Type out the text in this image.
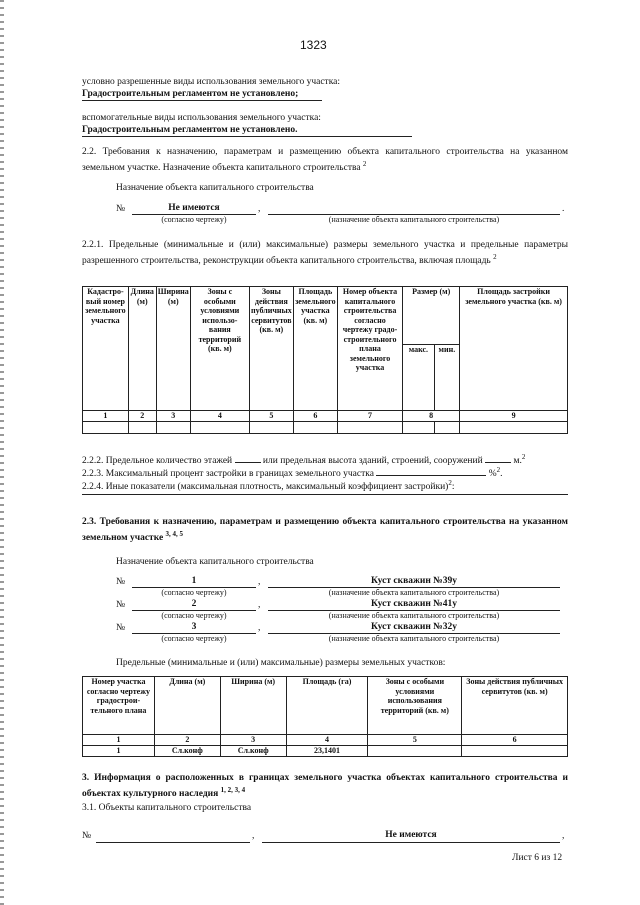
1323
условно разрешенные виды использования земельного участка:
Градостроительным регламентом не установлено;
вспомогательные виды использования земельного участка:
Градостроительным регламентом не установлено.
2.2. Требования к назначению, параметрам и размещению объекта капитального строительства на указанном земельном участке. Назначение объекта капитального строительства $^2$
Назначение объекта капитального строительства
№	Не имеются	,	.
(согласно чертежу)	(назначение объекта капитального строительства)
2.2.1. Предельные (минимальные и (или) максимальные) размеры земельного участка и предельные параметры разрешенного строительства, реконструкции объекта капитального строительства, включая площадь $^2$
Кадастро-вый номер земельного участка	Длина (м)	Ширина (м)	Зоны с особыми условиями использо-вания территорий (кв. м)	Зоны действия публичных сервитутов (кв. м)	Площадь земельного участка (кв. м)	Номер объекта капитального строительства согласно чертежу градо-строительного плана земельного участка	Размер (м)		Площадь застройки земельного участка (кв. м)
							макс.	мин.	
1	2	3	4	5	6	7	8		9

2.2.2. Предельное количество этажей	или предельная высота зданий, строений, сооружений	м.$^2$
2.2.3. Максимальный процент застройки в границах земельного участка	%$^2$.
2.2.4. Иные показатели (максимальная плотность, максимальный коэффициент застройки)$^2$:
2.3. Требования к назначению, параметрам и размещению объекта капитального строительства на указанном земельном участке $^{3, 4, 5}$
Назначение объекта капитального строительства
№	1	,	Куст скважин №39у
(согласно чертежу)	(назначение объекта капитального строительства)
№	2	,	Куст скважин №41у
(согласно чертежу)	(назначение объекта капитального строительства)
№	3	,	Куст скважин №32у
(согласно чертежу)	(назначение объекта капитального строительства)
Предельные (минимальные и (или) максимальные) размеры земельных участков:
Номер участка согласно чертежу градострои-тельного плана	Длина (м)	Ширина (м)	Площадь (га)	Зоны с особыми условиями использования территорий (кв. м)	Зоны действия публичных сервитутов (кв. м)
1	2	3	4	5	6
1	Сл.конф	Сл.конф	23,1401		
3. Информация о расположенных в границах земельного участка объектах капитального строительства и объектах культурного наследия $^{1, 2, 3, 4}$
3.1. Объекты капитального строительства
№	,	Не имеются	,
Лист 6 из 12
